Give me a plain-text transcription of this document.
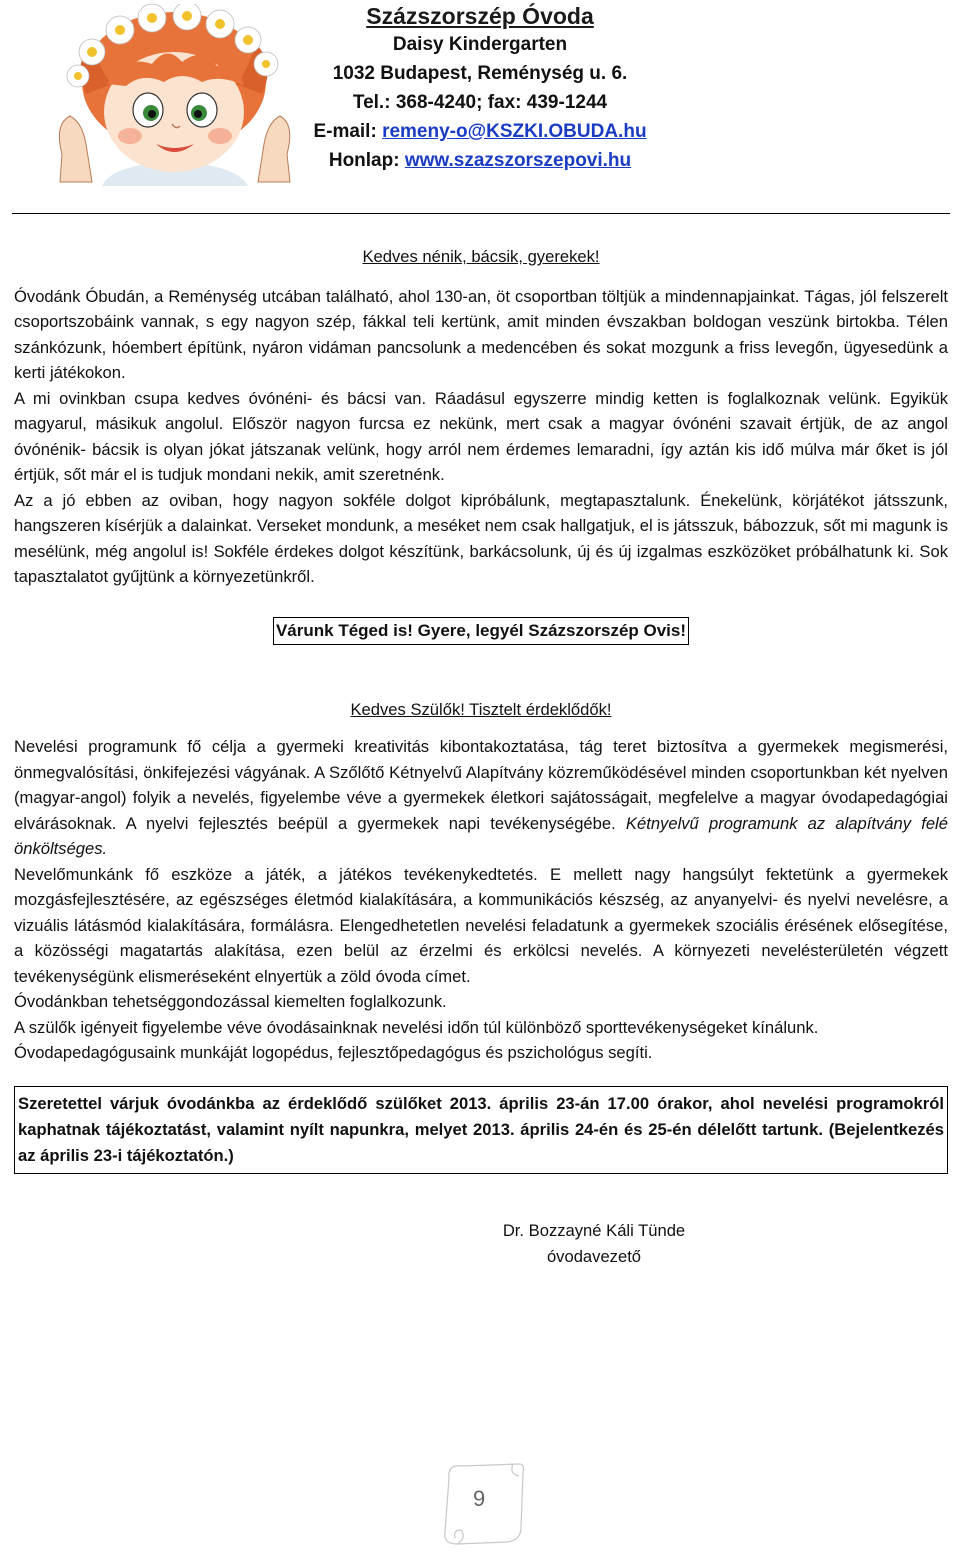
Százszorszép Óvoda
Daisy Kindergarten
1032 Budapest, Reménység u. 6.
Tel.: 368-4240; fax: 439-1244
E-mail: remeny-o@KSZKI.OBUDA.hu
Honlap: www.szazszorszepovi.hu

Kedves nénik, bácsik, gyerekek!

Óvodánk Óbudán, a Reménység utcában található, ahol 130-an, öt csoportban töltjük a mindennapjainkat. Tágas, jól felszerelt csoportszobáink vannak, s egy nagyon szép, fákkal teli kertünk, amit minden évszakban boldogan veszünk birtokba. Télen szánkózunk, hóembert építünk, nyáron vidáman pancsolunk a medencében és sokat mozgunk a friss levegőn, ügyesedünk a kerti játékokon.

A mi ovinkban csupa kedves óvónéni- és bácsi van. Ráadásul egyszerre mindig ketten is foglalkoznak velünk. Egyikük magyarul, másikuk angolul. Először nagyon furcsa ez nekünk, mert csak a magyar óvónéni szavait értjük, de az angol óvónénik- bácsik is olyan jókat játszanak velünk, hogy arról nem érdemes lemaradni, így aztán kis idő múlva már őket is jól értjük, sőt már el is tudjuk mondani nekik, amit szeretnénk.

Az a jó ebben az oviban, hogy nagyon sokféle dolgot kipróbálunk, megtapasztalunk. Énekelünk, körjátékot játsszunk, hangszeren kísérjük a dalainkat. Verseket mondunk, a meséket nem csak hallgatjuk, el is játsszuk, bábozzuk, sőt mi magunk is mesélünk, még angolul is! Sokféle érdekes dolgot készítünk, barkácsolunk, új és új izgalmas eszközöket próbálhatunk ki. Sok tapasztalatot gyűjtünk a környezetünkről.

Várunk Téged is! Gyere, legyél Százszorszép Ovis!

Kedves Szülők! Tisztelt érdeklődők!

Nevelési programunk fő célja a gyermeki kreativitás kibontakoztatása, tág teret biztosítva a gyermekek megismerési, önmegvalósítási, önkifejezési vágyának. A Szőlőtő Kétnyelvű Alapítvány közreműködésével minden csoportunkban két nyelven (magyar-angol) folyik a nevelés, figyelembe véve a gyermekek életkori sajátosságait, megfelelve a magyar óvodapedagógiai elvárásoknak. A nyelvi fejlesztés beépül a gyermekek napi tevékenységébe. Kétnyelvű programunk az alapítvány felé önköltséges.

Nevelőmunkánk fő eszköze a játék, a játékos tevékenykedtetés. E mellett nagy hangsúlyt fektetünk a gyermekek mozgásfejlesztésére, az egészséges életmód kialakítására, a kommunikációs készség, az anyanyelvi- és nyelvi nevelésre, a vizuális látásmód kialakítására, formálásra. Elengedhetetlen nevelési feladatunk a gyermekek szociális érésének elősegítése, a közösségi magatartás alakítása, ezen belül az érzelmi és erkölcsi nevelés. A környezeti nevelésterületén végzett tevékenységünk elismeréseként elnyertük a zöld óvoda címet.

Óvodánkban tehetséggondozással kiemelten foglalkozunk.

A szülők igényeit figyelembe véve óvodásainknak nevelési időn túl különböző sporttevékenységeket kínálunk.

Óvodapedagógusaink munkáját logopédus, fejlesztőpedagógus és pszichológus segíti.

Szeretettel várjuk óvodánkba az érdeklődő szülőket 2013. április 23-án 17.00 órakor, ahol nevelési programokról kaphatnak tájékoztatást, valamint nyílt napunkra, melyet 2013. április 24-én és 25-én délelőtt tartunk. (Bejelentkezés az április 23-i tájékoztatón.)
Dr. Bozzayné Káli Tünde
óvodavezető
9
